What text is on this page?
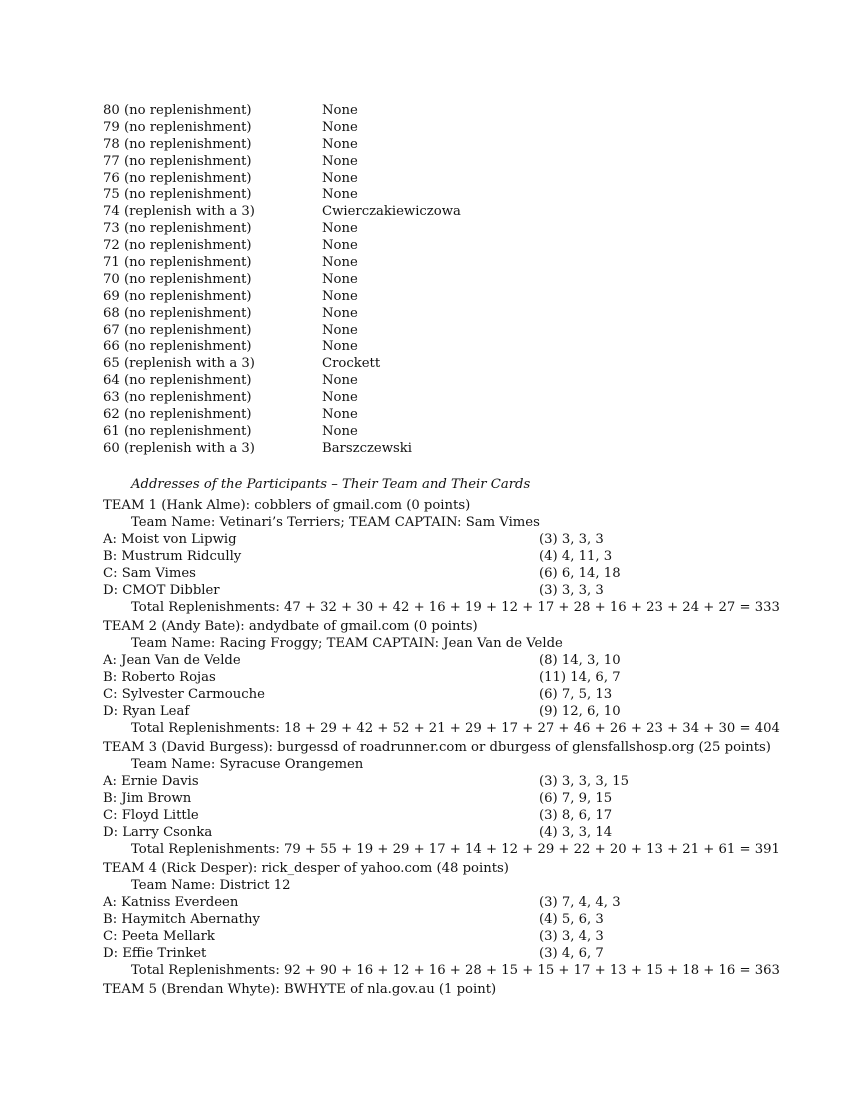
80 (no replenishment)	None
79 (no replenishment)	None
78 (no replenishment)	None
77 (no replenishment)	None
76 (no replenishment)	None
75 (no replenishment)	None
74 (replenish with a 3)	Cwierczakiewiczowa
73 (no replenishment)	None
72 (no replenishment)	None
71 (no replenishment)	None
70 (no replenishment)	None
69 (no replenishment)	None
68 (no replenishment)	None
67 (no replenishment)	None
66 (no replenishment)	None
65 (replenish with a 3)	Crockett
64 (no replenishment)	None
63 (no replenishment)	None
62 (no replenishment)	None
61 (no replenishment)	None
60 (replenish with a 3)	Barszczewski
Addresses of the Participants – Their Team and Their Cards
TEAM 1 (Hank Alme): cobblers of gmail.com (0 points)
Team Name: Vetinari’s Terriers; TEAM CAPTAIN: Sam Vimes
A: Moist von Lipwig	(3) 3, 3, 3
B: Mustrum Ridcully	(4) 4, 11, 3
C: Sam Vimes	(6) 6, 14, 18
D: CMOT Dibbler	(3) 3, 3, 3
Total Replenishments: 47 + 32 + 30 + 42 + 16 + 19 + 12 + 17 + 28 + 16 + 23 + 24 + 27 = 333
TEAM 2 (Andy Bate): andydbate of gmail.com (0 points)
Team Name: Racing Froggy; TEAM CAPTAIN: Jean Van de Velde
A: Jean Van de Velde	(8) 14, 3, 10
B: Roberto Rojas	(11) 14, 6, 7
C: Sylvester Carmouche	(6) 7, 5, 13
D: Ryan Leaf	(9) 12, 6, 10
Total Replenishments: 18 + 29 + 42 + 52 + 21 + 29 + 17 + 27 + 46 + 26 + 23 + 34 + 30 = 404
TEAM 3 (David Burgess): burgessd of roadrunner.com or dburgess of glensfallshosp.org (25 points)
Team Name: Syracuse Orangemen
A: Ernie Davis	(3) 3, 3, 3, 15
B: Jim Brown	(6) 7, 9, 15
C: Floyd Little	(3) 8, 6, 17
D: Larry Csonka	(4) 3, 3, 14
Total Replenishments: 79 + 55 + 19 + 29 + 17 + 14 + 12 + 29 + 22 + 20 + 13 + 21 + 61 = 391
TEAM 4 (Rick Desper): rick_desper of yahoo.com (48 points)
Team Name: District 12
A: Katniss Everdeen	(3) 7, 4, 4, 3
B: Haymitch Abernathy	(4) 5, 6, 3
C: Peeta Mellark	(3) 3, 4, 3
D: Effie Trinket	(3) 4, 6, 7
Total Replenishments: 92 + 90 + 16 + 12 + 16 + 28 + 15 + 15 + 17 + 13 + 15 + 18 + 16 = 363
TEAM 5 (Brendan Whyte): BWHYTE of nla.gov.au (1 point)
